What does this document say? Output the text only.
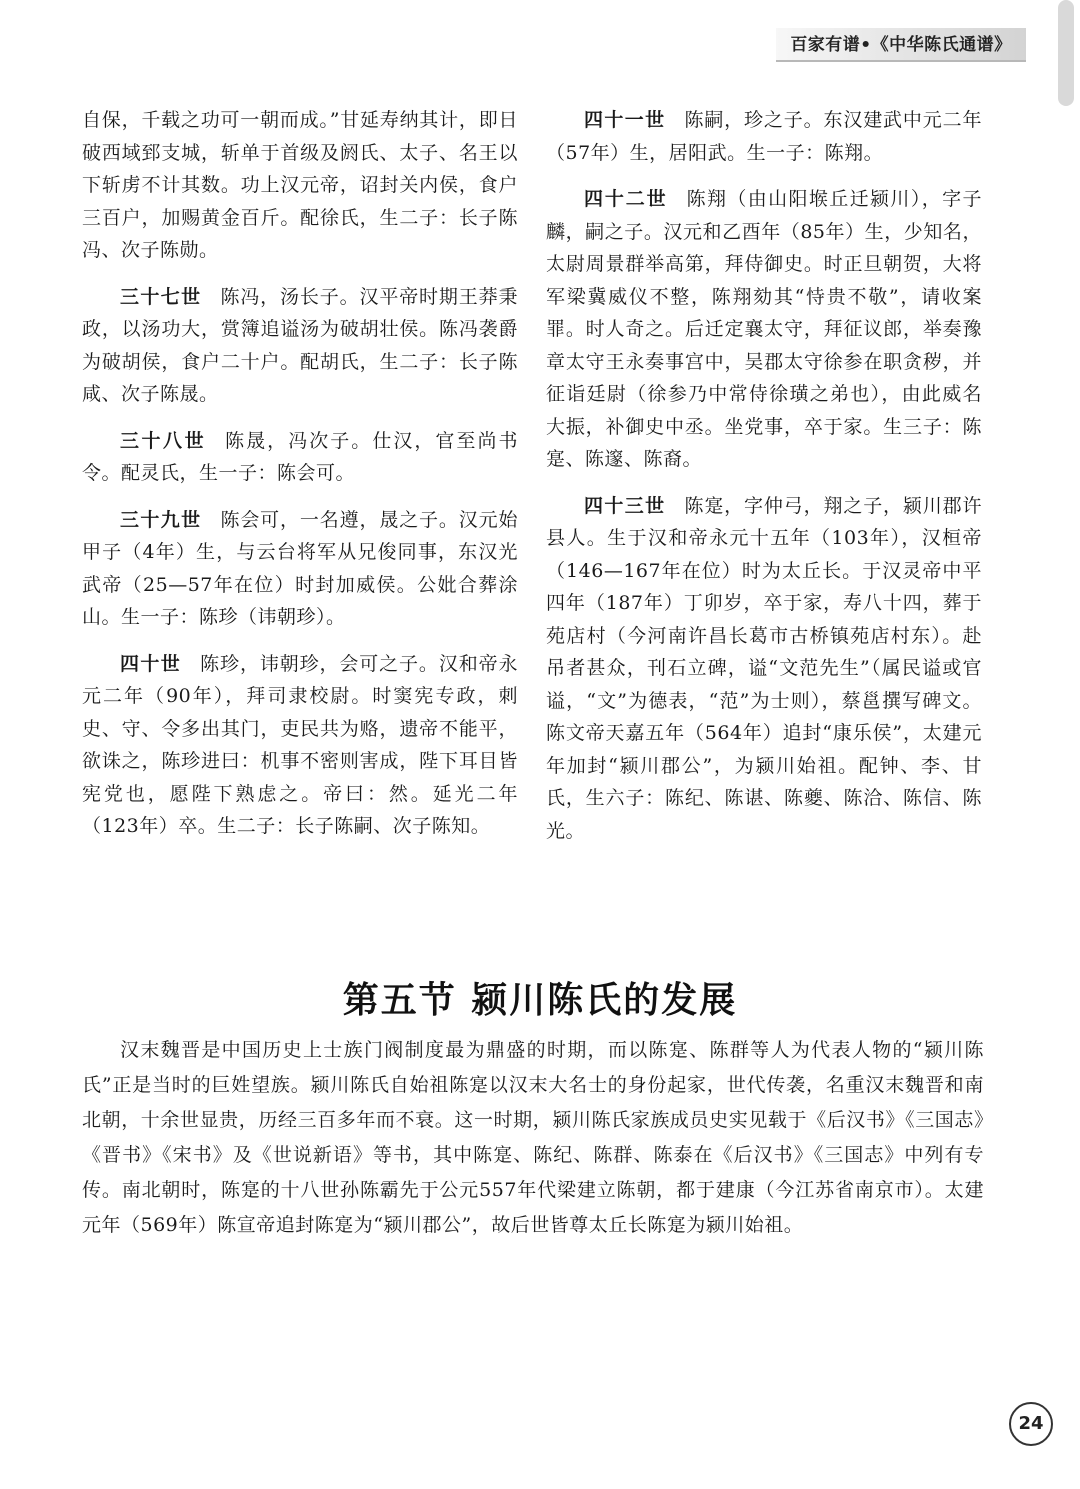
百家有谱•《中华陈氏通谱》

自保，千载之功可一朝而成。”甘延寿纳其计，即日破西域郅支城，斩单于首级及阏氏、太子、名王以下斩虏不计其数。功上汉元帝，诏封关内侯，食户三百户，加赐黄金百斤。配徐氏，生二子：长子陈冯、次子陈勋。

三十七世 陈冯，汤长子。汉平帝时期王莽秉政，以汤功大，赏簿追谥汤为破胡壮侯。陈冯袭爵为破胡侯，食户二十户。配胡氏，生二子：长子陈咸、次子陈晟。

三十八世 陈晟，冯次子。仕汉，官至尚书令。配灵氏，生一子：陈会可。

三十九世 陈会可，一名遵，晟之子。汉元始甲子（4年）生，与云台将军从兄俊同事，东汉光武帝（25—57年在位）时封加威侯。公妣合葬涂山。生一子：陈珍（讳朝珍）。

四十世 陈珍，讳朝珍，会可之子。汉和帝永元二年（90年），拜司隶校尉。时窦宪专政，刺史、守、令多出其门，吏民共为赂，遗帝不能平，欲诛之，陈珍进曰：机事不密则害成，陛下耳目皆宪党也，愿陛下熟虑之。帝曰：然。延光二年（123年）卒。生二子：长子陈嗣、次子陈知。

四十一世 陈嗣，珍之子。东汉建武中元二年（57年）生，居阳武。生一子：陈翔。

四十二世 陈翔（由山阳堠丘迁颍川），字子麟，嗣之子。汉元和乙酉年（85年）生，少知名，太尉周景群举高第，拜侍御史。时正旦朝贺，大将军梁冀威仪不整，陈翔劾其“恃贵不敬”，请收案罪。时人奇之。后迁定襄太守，拜征议郎，举奏豫章太守王永奏事宫中，吴郡太守徐参在职贪秽，并征诣廷尉（徐参乃中常侍徐璜之弟也），由此威名大振，补御史中丞。坐党事，卒于家。生三子：陈寔、陈邃、陈裔。

四十三世 陈寔，字仲弓，翔之子，颍川郡许县人。生于汉和帝永元十五年（103年），汉桓帝（146—167年在位）时为太丘长。于汉灵帝中平四年（187年）丁卯岁，卒于家，寿八十四，葬于苑店村（今河南许昌长葛市古桥镇苑店村东）。赴吊者甚众，刊石立碑，谥“文范先生”（属民谥或官谥，“文”为德表，“范”为士则），蔡邕撰写碑文。陈文帝天嘉五年（564年）追封“康乐侯”，太建元年加封“颍川郡公”，为颍川始祖。配钟、李、甘氏，生六子：陈纪、陈谌、陈夔、陈洽、陈信、陈光。

第五节 颍川陈氏的发展

汉末魏晋是中国历史上士族门阀制度最为鼎盛的时期，而以陈寔、陈群等人为代表人物的“颍川陈氏”正是当时的巨姓望族。颍川陈氏自始祖陈寔以汉末大名士的身份起家，世代传袭，名重汉末魏晋和南北朝，十余世显贵，历经三百多年而不衰。这一时期，颍川陈氏家族成员史实见载于《后汉书》《三国志》《晋书》《宋书》及《世说新语》等书，其中陈寔、陈纪、陈群、陈泰在《后汉书》《三国志》中列有专传。南北朝时，陈寔的十八世孙陈霸先于公元557年代梁建立陈朝，都于建康（今江苏省南京市）。太建元年（569年）陈宣帝追封陈寔为“颍川郡公”，故后世皆尊太丘长陈寔为颍川始祖。

24
